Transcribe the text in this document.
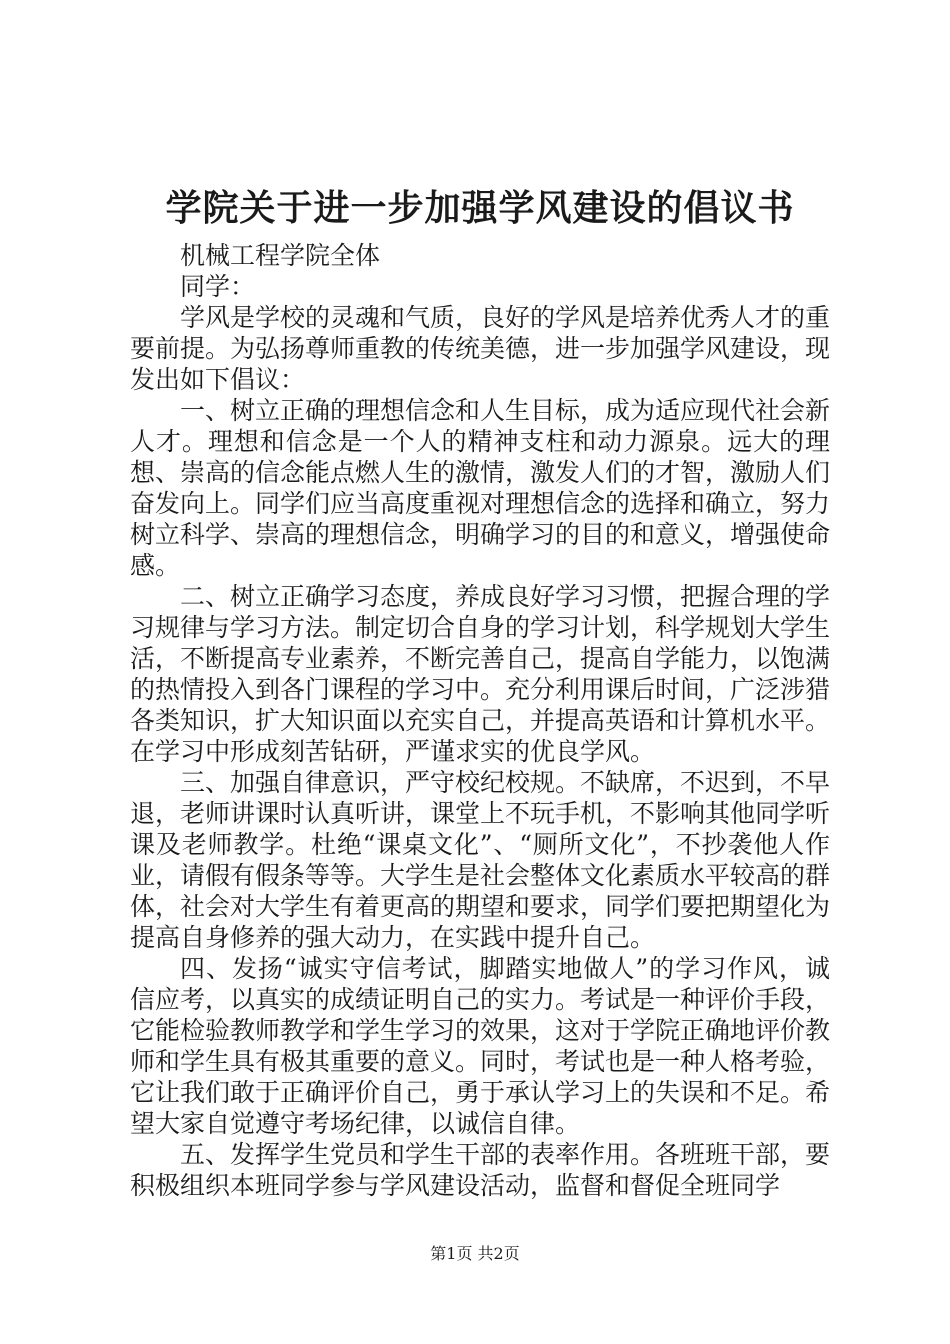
学院关于进一步加强学风建设的倡议书

机械工程学院全体

同学：

学风是学校的灵魂和气质，良好的学风是培养优秀人才的重要前提。为弘扬尊师重教的传统美德，进一步加强学风建设，现发出如下倡议：

一、树立正确的理想信念和人生目标，成为适应现代社会新人才。理想和信念是一个人的精神支柱和动力源泉。远大的理想、崇高的信念能点燃人生的激情，激发人们的才智，激励人们奋发向上。同学们应当高度重视对理想信念的选择和确立，努力树立科学、崇高的理想信念，明确学习的目的和意义，增强使命感。

二、树立正确学习态度，养成良好学习习惯，把握合理的学习规律与学习方法。制定切合自身的学习计划，科学规划大学生活，不断提高专业素养，不断完善自己，提高自学能力，以饱满的热情投入到各门课程的学习中。充分利用课后时间，广泛涉猎各类知识，扩大知识面以充实自己，并提高英语和计算机水平。在学习中形成刻苦钻研，严谨求实的优良学风。

三、加强自律意识，严守校纪校规。不缺席，不迟到，不早退，老师讲课时认真听讲，课堂上不玩手机，不影响其他同学听课及老师教学。杜绝“课桌文化”、“厕所文化”，不抄袭他人作业，请假有假条等等。大学生是社会整体文化素质水平较高的群体，社会对大学生有着更高的期望和要求，同学们要把期望化为提高自身修养的强大动力，在实践中提升自己。

四、发扬“诚实守信考试，脚踏实地做人”的学习作风，诚信应考，以真实的成绩证明自己的实力。考试是一种评价手段，它能检验教师教学和学生学习的效果，这对于学院正确地评价教师和学生具有极其重要的意义。同时，考试也是一种人格考验，它让我们敢于正确评价自己，勇于承认学习上的失误和不足。希望大家自觉遵守考场纪律，以诚信自律。

五、发挥学生党员和学生干部的表率作用。各班班干部，要积极组织本班同学参与学风建设活动，监督和督促全班同学

第1页 共2页
